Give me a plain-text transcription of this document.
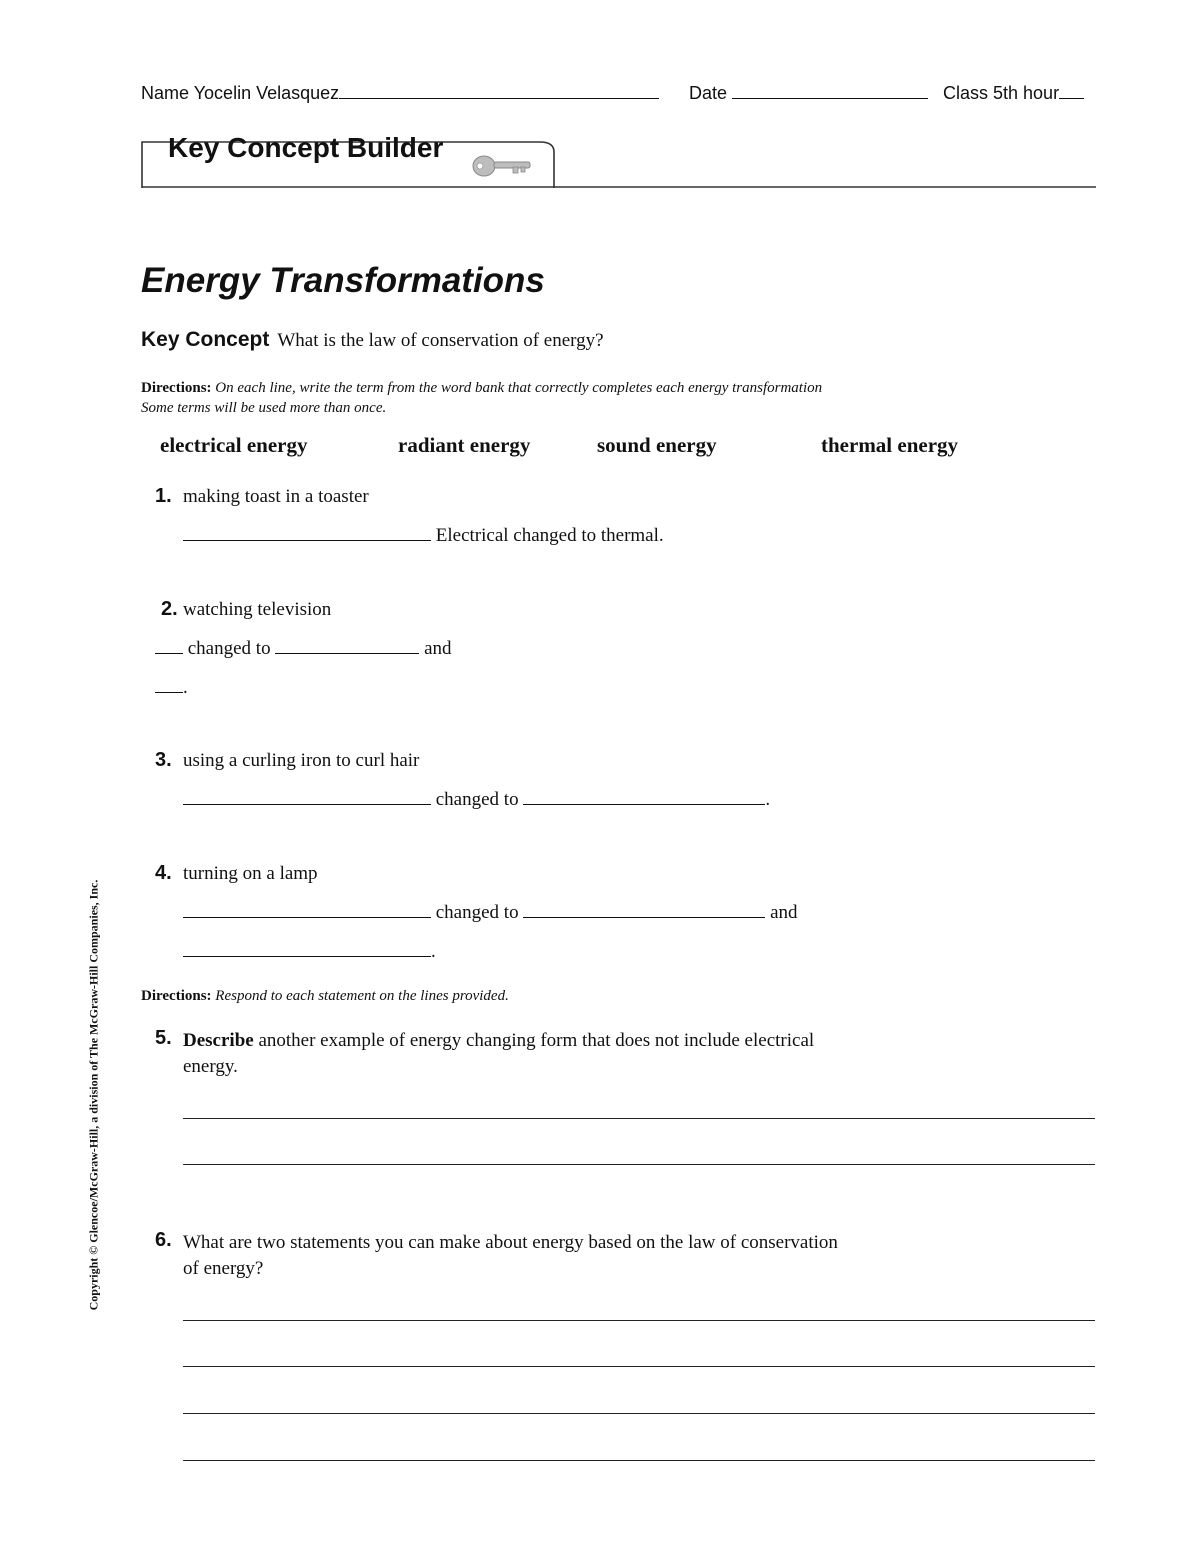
Name Yocelin Velasquez	Date	Class 5th hour
Key Concept Builder
Energy Transformations
Key Concept What is the law of conservation of energy?
Directions: On each line, write the term from the word bank that correctly completes each energy transformation
Some terms will be used more than once.
electrical energy	radiant energy	sound energy	thermal energy
1. making toast in a toaster
Electrical changed to thermal.
2. watching television
changed to	and
.
3. using a curling iron to curl hair
changed to	.
4. turning on a lamp
changed to	and
.
Directions: Respond to each statement on the lines provided.
5. Describe another example of energy changing form that does not include electrical
energy.
6. What are two statements you can make about energy based on the law of conservation
of energy?
Copyright © Glencoe/McGraw-Hill, a division of The McGraw-Hill Companies, Inc.
